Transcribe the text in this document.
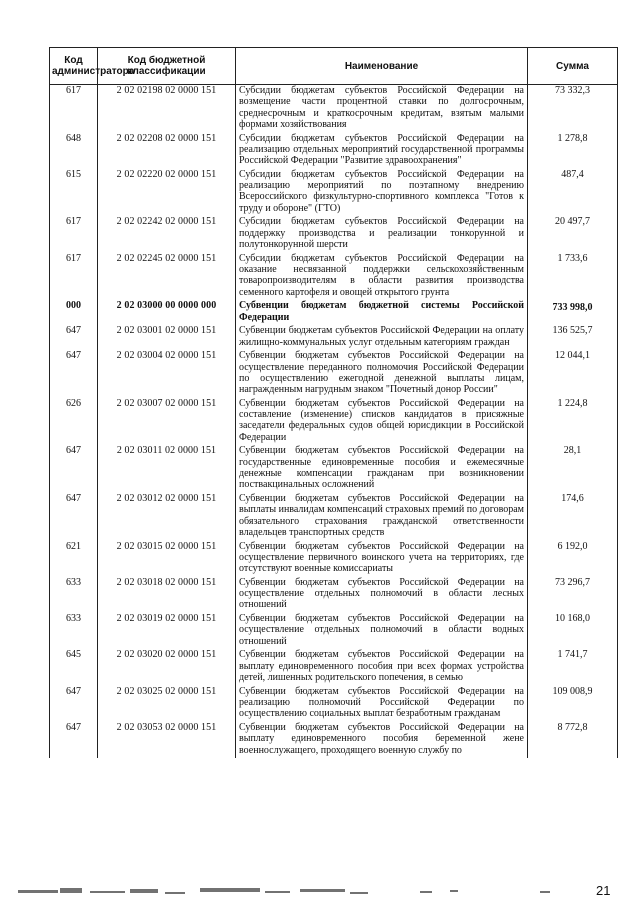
Код администратора	Код бюджетной классификации	Наименование	Сумма
617	2 02 02198 02 0000 151	Субсидии бюджетам субъектов Российской Федерации на возмещение части процентной ставки по долгосрочным, среднесрочным и краткосрочным кредитам, взятым малыми формами хозяйствования	73 332,3
648	2 02 02208 02 0000 151	Субсидии бюджетам субъектов Российской Федерации на реализацию отдельных мероприятий государственной программы Российской Федерации "Развитие здравоохранения"	1 278,8
615	2 02 02220 02 0000 151	Субсидии бюджетам субъектов Российской Федерации на реализацию мероприятий по поэтапному внедрению Всероссийского физкультурно-спортивного комплекса "Готов к труду и обороне" (ГТО)	487,4
617	2 02 02242 02 0000 151	Субсидии бюджетам субъектов Российской Федерации на поддержку производства и реализации тонкорунной и полутонкорунной шерсти	20 497,7
617	2 02 02245 02 0000 151	Субсидии бюджетам субъектов Российской Федерации на оказание несвязанной поддержки сельскохозяйственным товаропроизводителям в области развития производства семенного картофеля и овощей открытого грунта	1 733,6
000	2 02 03000 00 0000 000	Субвенции бюджетам бюджетной системы Российской Федерации	733 998,0
647	2 02 03001 02 0000 151	Субвенции бюджетам субъектов Российской Федерации на оплату жилищно-коммунальных услуг отдельным категориям граждан	136 525,7
647	2 02 03004 02 0000 151	Субвенции бюджетам субъектов Российской Федерации на осуществление переданного полномочия Российской Федерации по осуществлению ежегодной денежной выплаты лицам, награжденным нагрудным знаком "Почетный донор России"	12 044,1
626	2 02 03007 02 0000 151	Субвенции бюджетам субъектов Российской Федерации на составление (изменение) списков кандидатов в присяжные заседатели федеральных судов общей юрисдикции в Российской Федерации	1 224,8
647	2 02 03011 02 0000 151	Субвенции бюджетам субъектов Российской Федерации на государственные единовременные пособия и ежемесячные денежные компенсации гражданам при возникновении поствакцинальных осложнений	28,1
647	2 02 03012 02 0000 151	Субвенции бюджетам субъектов Российской Федерации на выплаты инвалидам компенсаций страховых премий по договорам обязательного страхования гражданской ответственности владельцев транспортных средств	174,6
621	2 02 03015 02 0000 151	Субвенции бюджетам субъектов Российской Федерации на осуществление первичного воинского учета на территориях, где отсутствуют военные комиссариаты	6 192,0
633	2 02 03018 02 0000 151	Субвенции бюджетам субъектов Российской Федерации на осуществление отдельных полномочий в области лесных отношений	73 296,7
633	2 02 03019 02 0000 151	Субвенции бюджетам субъектов Российской Федерации на осуществление отдельных полномочий в области водных отношений	10 168,0
645	2 02 03020 02 0000 151	Субвенции бюджетам субъектов Российской Федерации на выплату единовременного пособия при всех формах устройства детей, лишенных родительского попечения, в семью	1 741,7
647	2 02 03025 02 0000 151	Субвенции бюджетам субъектов Российской Федерации на реализацию полномочий Российской Федерации по осуществлению социальных выплат безработным гражданам	109 008,9
647	2 02 03053 02 0000 151	Субвенции бюджетам субъектов Российской Федерации на выплату единовременного пособия беременной жене военнослужащего, проходящего военную службу по	8 772,8
21
